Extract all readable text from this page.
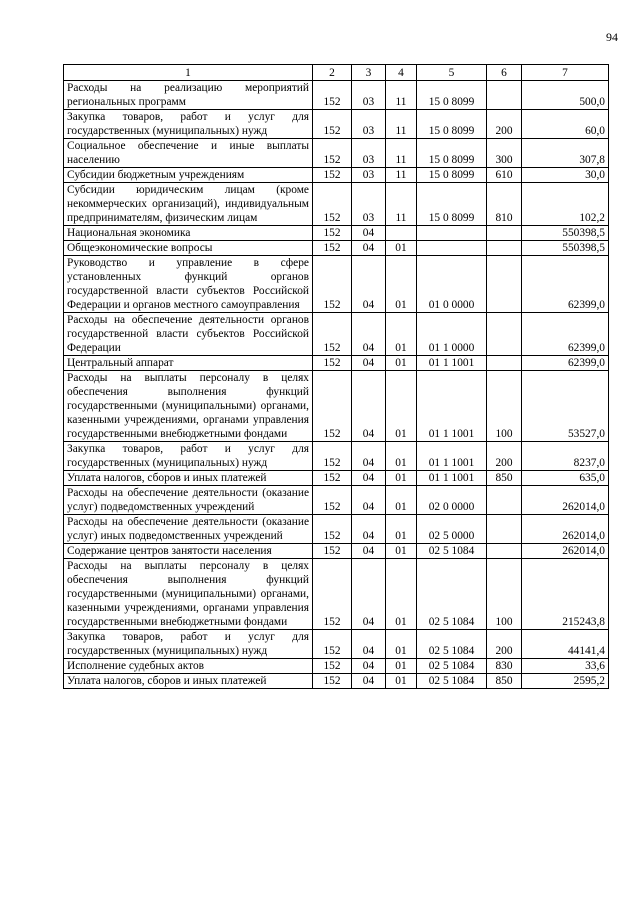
94
1	2	3	4	5	6	7
Расходы на реализацию мероприятий региональных программ	152	03	11	15 0 8099		500,0
Закупка товаров, работ и услуг для государственных (муниципальных) нужд	152	03	11	15 0 8099	200	60,0
Социальное обеспечение и иные выплаты населению	152	03	11	15 0 8099	300	307,8
Субсидии бюджетным учреждениям	152	03	11	15 0 8099	610	30,0
Субсидии юридическим лицам (кроме некоммерческих организаций), индивидуальным предпринимателям, физическим лицам	152	03	11	15 0 8099	810	102,2
Национальная экономика	152	04				550398,5
Общеэкономические вопросы	152	04	01			550398,5
Руководство и управление в сфере установленных функций органов государственной власти субъектов Российской Федерации и органов местного самоуправления	152	04	01	01 0 0000		62399,0
Расходы на обеспечение деятельности органов государственной власти субъектов Российской Федерации	152	04	01	01 1 0000		62399,0
Центральный аппарат	152	04	01	01 1 1001		62399,0
Расходы на выплаты персоналу в целях обеспечения выполнения функций государственными (муниципальными) органами, казенными учреждениями, органами управления государственными внебюджетными фондами	152	04	01	01 1 1001	100	53527,0
Закупка товаров, работ и услуг для государственных (муниципальных) нужд	152	04	01	01 1 1001	200	8237,0
Уплата налогов, сборов и иных платежей	152	04	01	01 1 1001	850	635,0
Расходы на обеспечение деятельности (оказание услуг) подведомственных учреждений	152	04	01	02 0 0000		262014,0
Расходы на обеспечение деятельности (оказание услуг) иных подведомственных учреждений	152	04	01	02 5 0000		262014,0
Содержание центров занятости населения	152	04	01	02 5 1084		262014,0
Расходы на выплаты персоналу в целях обеспечения выполнения функций государственными (муниципальными) органами, казенными учреждениями, органами управления государственными внебюджетными фондами	152	04	01	02 5 1084	100	215243,8
Закупка товаров, работ и услуг для государственных (муниципальных) нужд	152	04	01	02 5 1084	200	44141,4
Исполнение судебных актов	152	04	01	02 5 1084	830	33,6
Уплата налогов, сборов и иных платежей	152	04	01	02 5 1084	850	2595,2
